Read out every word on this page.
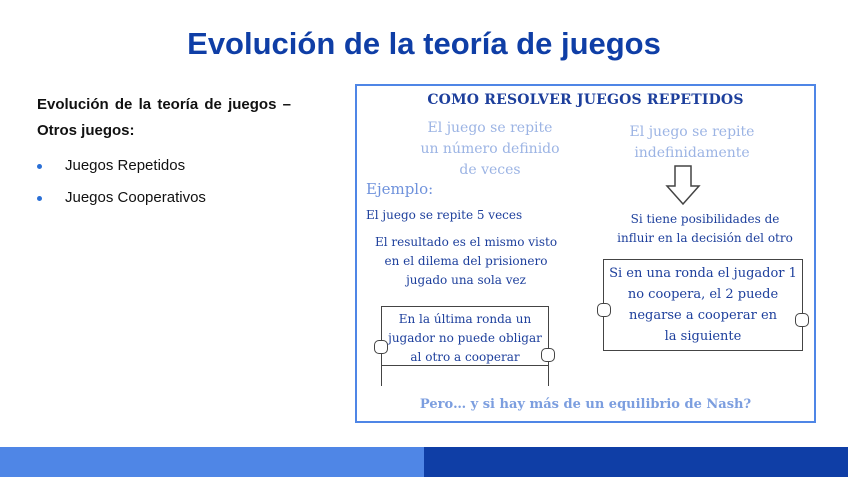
Evolución de la teoría de juegos
Evolución de la teoría de juegos – Otros juegos:
Juegos Repetidos
Juegos Cooperativos
COMO RESOLVER JUEGOS REPETIDOS
El juego se repite
un número definido
de veces
El juego se repite
indefinidamente
Ejemplo:
El juego se repite 5 veces
El resultado es el mismo visto
en el dilema del prisionero
jugado una sola vez
Si tiene posibilidades de
influir en la decisión del otro
En la última ronda un
jugador no puede obligar
al otro a cooperar
Si en una ronda el jugador 1
no coopera, el 2 puede
negarse a cooperar en
la siguiente
Pero… y si hay más de un equilibrio de Nash?
